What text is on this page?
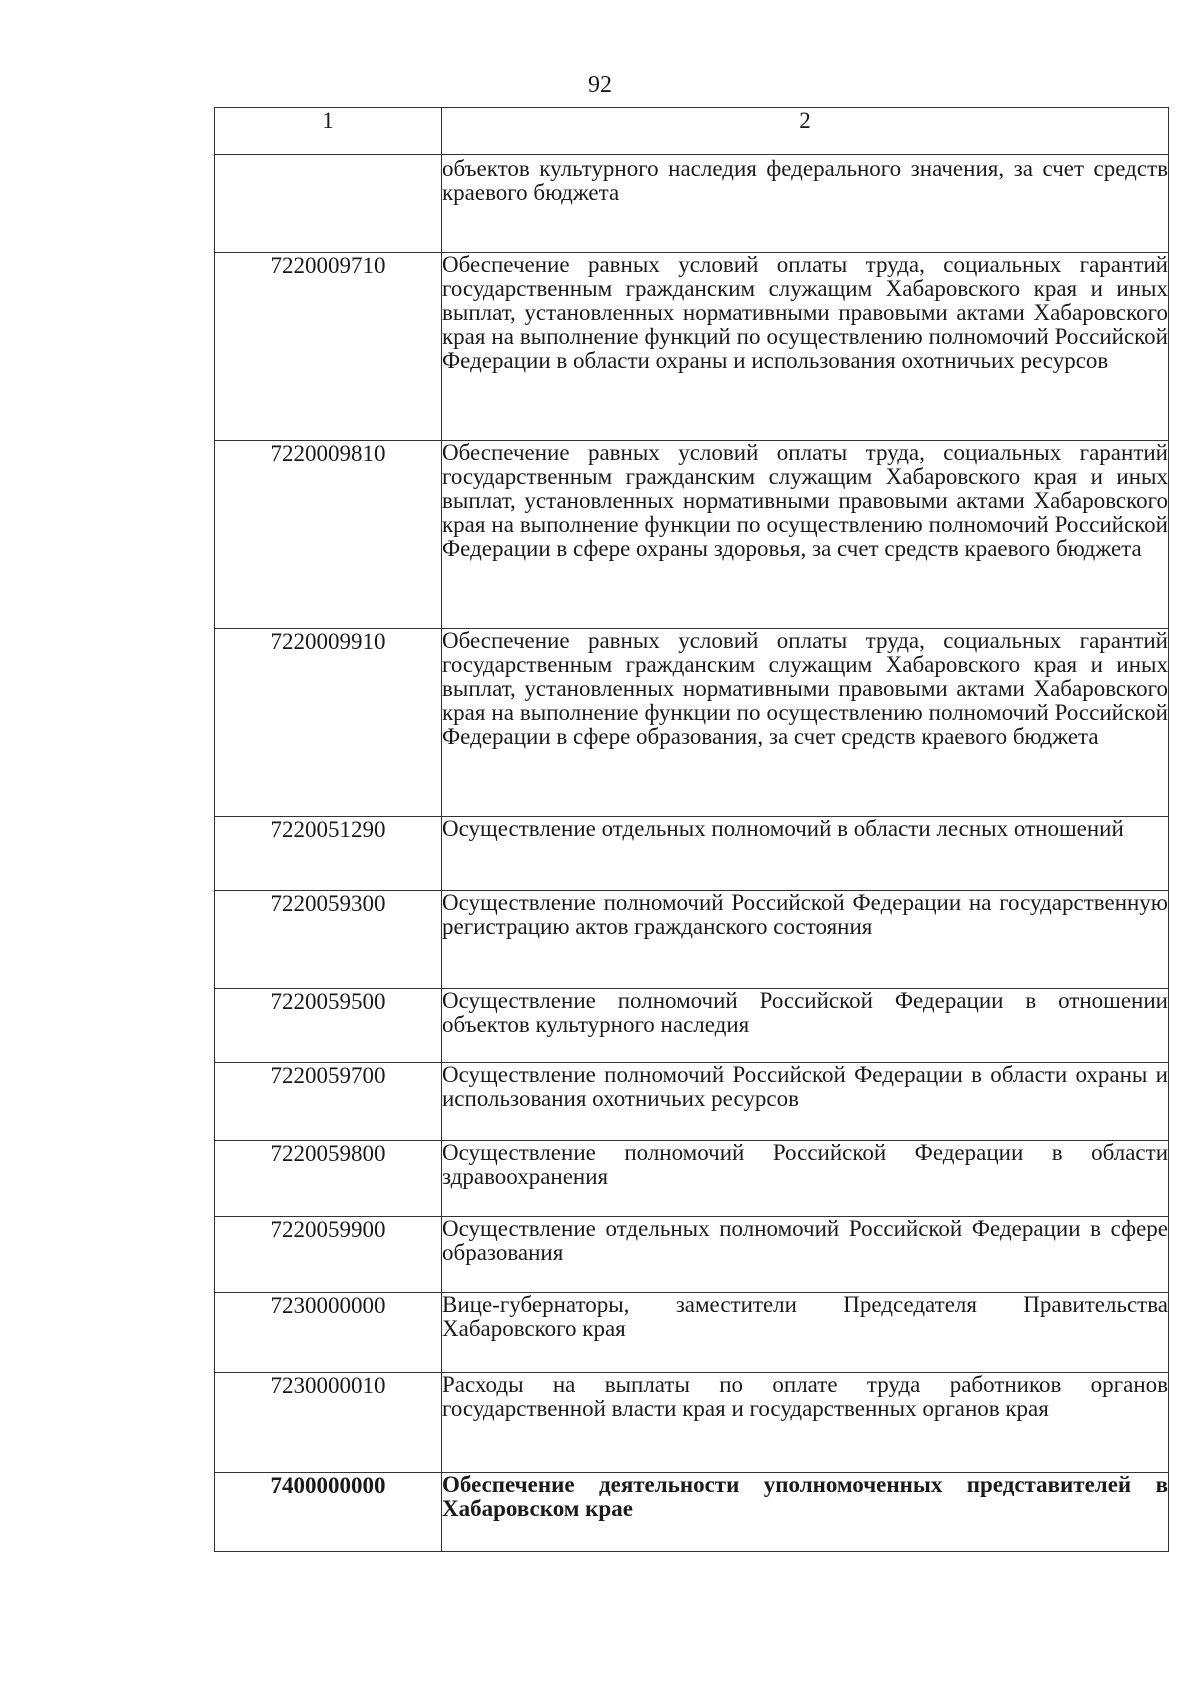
92
1	2
	объектов культурного наследия федерального значения, за счет средств краевого бюджета
7220009710	Обеспечение равных условий оплаты труда, социальных гарантий государственным гражданским служащим Хабаровского края и иных выплат, установленных нормативными правовыми актами Хабаровского края на выполнение функций по осуществлению полномочий Российской Федерации в области охраны и использования охотничьих ресурсов
7220009810	Обеспечение равных условий оплаты труда, социальных гарантий государственным гражданским служащим Хабаровского края и иных выплат, установленных нормативными правовыми актами Хабаровского края на выполнение функции по осуществлению полномочий Российской Федерации в сфере охраны здоровья, за счет средств краевого бюджета
7220009910	Обеспечение равных условий оплаты труда, социальных гарантий государственным гражданским служащим Хабаровского края и иных выплат, установленных нормативными правовыми актами Хабаровского края на выполнение функции по осуществлению полномочий Российской Федерации в сфере образования, за счет средств краевого бюджета
7220051290	Осуществление отдельных полномочий в области лесных отношений
7220059300	Осуществление полномочий Российской Федерации на государственную регистрацию актов гражданского состояния
7220059500	Осуществление полномочий Российской Федерации в отношении объектов культурного наследия
7220059700	Осуществление полномочий Российской Федерации в области охраны и использования охотничьих ресурсов
7220059800	Осуществление полномочий Российской Федерации в области здравоохранения
7220059900	Осуществление отдельных полномочий Российской Федерации в сфере образования
7230000000	Вице-губернаторы, заместители Председателя Правительства Хабаровского края
7230000010	Расходы на выплаты по оплате труда работников органов государственной власти края и государственных органов края
7400000000	Обеспечение деятельности уполномоченных представителей в Хабаровском крае
